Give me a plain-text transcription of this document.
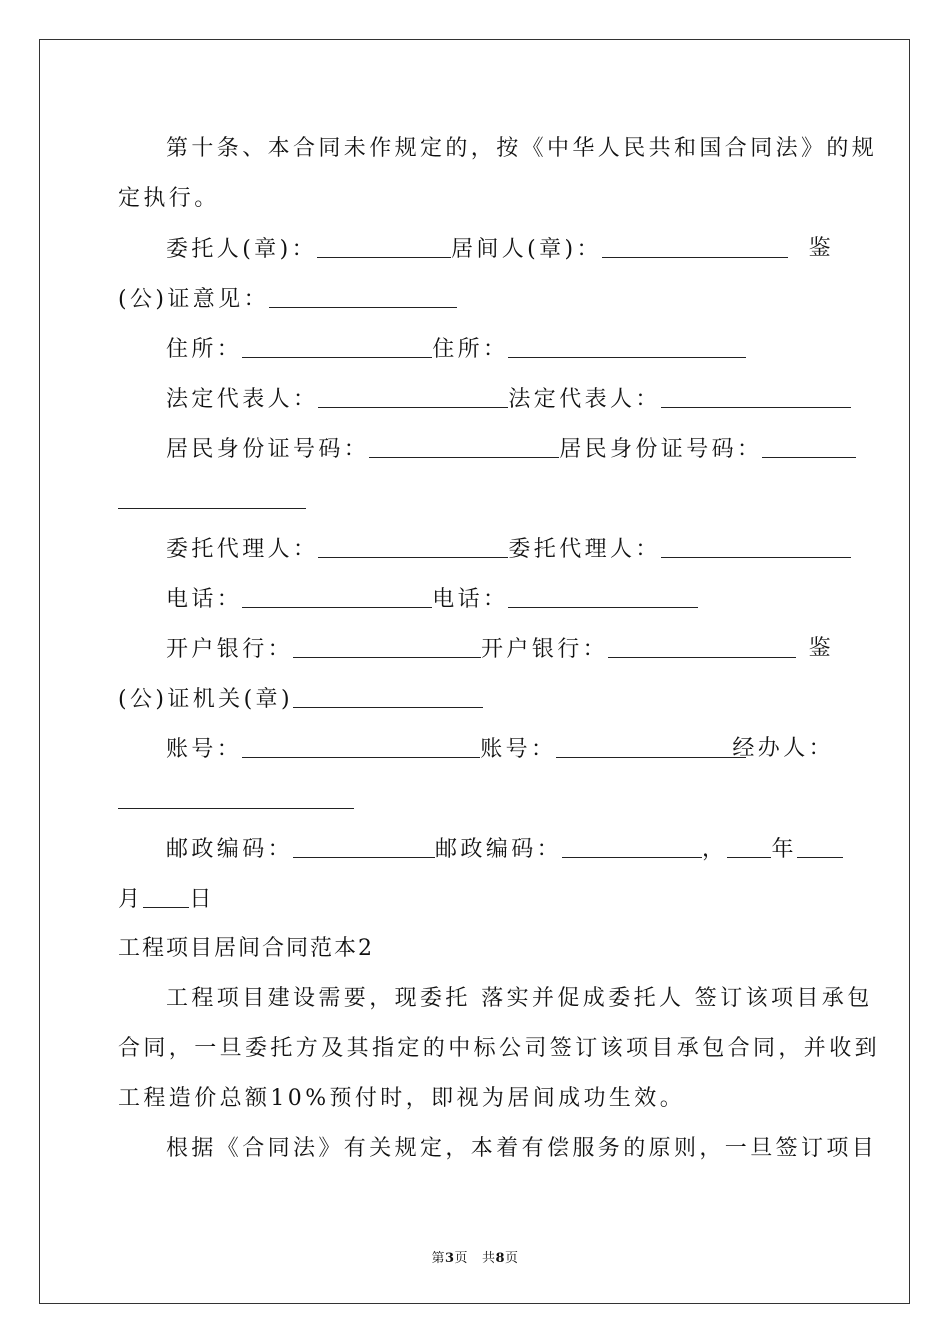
第十条、本合同未作规定的，按《中华人民共和国合同法》的规
定执行。
委托人(章)：	居间人(章)：	鉴
(公)证意见：
住所：	住所：
法定代表人：	法定代表人：
居民身份证号码：	居民身份证号码：
委托代理人：	委托代理人：
电话：	电话：
开户银行：	开户银行：	鉴
(公)证机关(章)
账号：	账号：	经办人：
邮政编码：	邮政编码：	， 年
月 日
工程项目居间合同范本2
工程项目建设需要，现委托 落实并促成委托人 签订该项目承包
合同，一旦委托方及其指定的中标公司签订该项目承包合同，并收到
工程造价总额10%预付时，即视为居间成功生效。
根据《合同法》有关规定，本着有偿服务的原则，一旦签订项目
第3页 共8页
